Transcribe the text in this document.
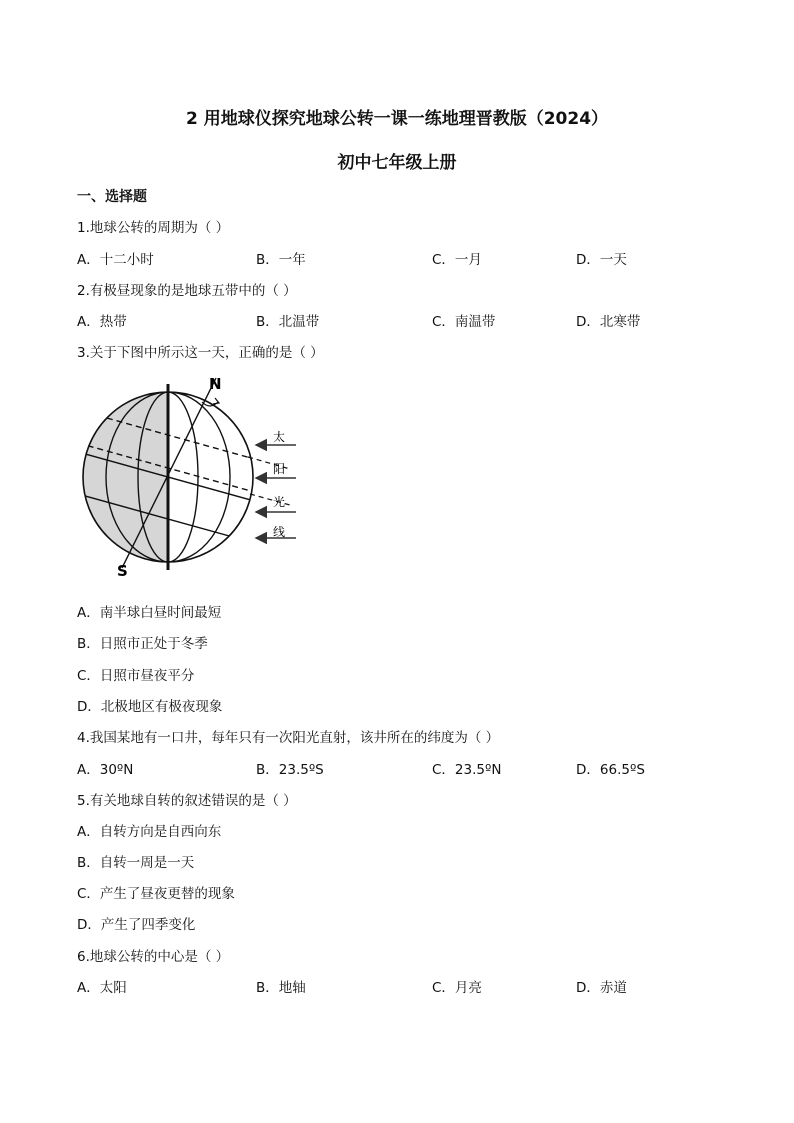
2 用地球仪探究地球公转一课一练地理晋教版（2024）
初中七年级上册
一、选择题
1.地球公转的周期为（ ）
A．十二小时	B．一年	C．一月	D．一天
2.有极昼现象的是地球五带中的（ ）
A．热带	B．北温带	C．南温带	D．北寒带
3.关于下图中所示这一天，正确的是（ ）
N
S
太
阳
光
线
A．南半球白昼时间最短
B．日照市正处于冬季
C．日照市昼夜平分
D．北极地区有极夜现象
4.我国某地有一口井，每年只有一次阳光直射，该井所在的纬度为（ ）
A．30ºN	B．23.5ºS	C．23.5ºN	D．66.5ºS
5.有关地球自转的叙述错误的是（ ）
A．自转方向是自西向东
B．自转一周是一天
C．产生了昼夜更替的现象
D．产生了四季变化
6.地球公转的中心是（ ）
A．太阳	B．地轴	C．月亮	D．赤道
